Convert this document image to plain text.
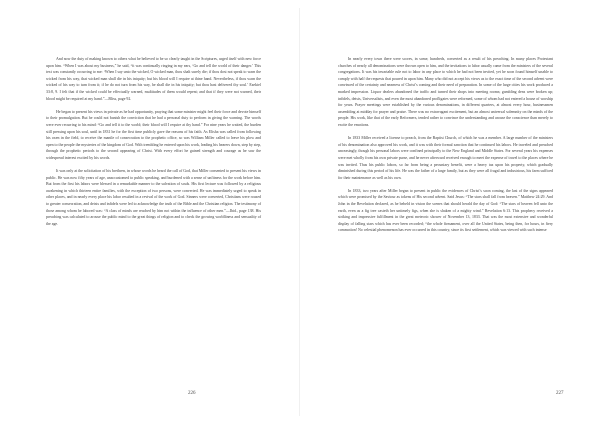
And now the duty of making known to others what he believed to be so clearly taught in the Scriptures, urged itself with new force upon him. “When I was about my business,” he said, “it was continually ringing in my ears, ‘Go and tell the world of their danger.’ This text was constantly occurring to me: ‘When I say unto the wicked, O wicked man, thou shalt surely die; if thou dost not speak to warn the wicked from his way, that wicked man shall die in his iniquity; but his blood will I require at thine hand. Nevertheless, if thou warn the wicked of his way to turn from it; if he do not turn from his way, he shall die in his iniquity; but thou hast delivered thy soul.’ Ezekiel 33:8, 9. I felt that if the wicked could be effectually warned, multitudes of them would repent; and that if they were not warned, their blood might be required at my hand.”—Bliss, page 92.

He began to present his views in private as he had opportunity, praying that some minister might feel their force and devote himself to their promulgation. But he could not banish the conviction that he had a personal duty to perform in giving the warning. The words were ever recurring to his mind: “Go and tell it to the world; their blood will I require at thy hand.” For nine years he waited, the burden still pressing upon his soul, until in 1831 he for the first time publicly gave the reasons of his faith. As Elisha was called from following his oxen in the field, to receive the mantle of consecration to the prophetic office, so was William Miller called to leave his plow and open to the people the mysteries of the kingdom of God. With trembling he entered upon his work, leading his hearers down, step by step, through the prophetic periods to the second appearing of Christ. With every effort he gained strength and courage as he saw the widespread interest excited by his words.

It was only at the solicitation of his brethren, in whose words he heard the call of God, that Miller consented to present his views in public. He was now fifty years of age, unaccustomed to public speaking, and burdened with a sense of unfitness for the work before him. But from the first his labors were blessed in a remarkable manner to the salvation of souls. His first lecture was followed by a religious awakening in which thirteen entire families, with the exception of two persons, were converted. He was immediately urged to speak in other places, and in nearly every place his labor resulted in a revival of the work of God. Sinners were converted, Christians were roused to greater consecration, and deists and infidels were led to acknowledge the truth of the Bible and the Christian religion. The testimony of those among whom he labored was: “A class of minds are reached by him not within the influence of other men.”—Ibid., page 138. His preaching was calculated to arouse the public mind to the great things of religion and to check the growing worldliness and sensuality of the age.

226

In nearly every town there were scores, in some, hundreds, converted as a result of his preaching. In many places Protestant churches of nearly all denominations were thrown open to him, and the invitations to labor usually came from the ministers of the several congregations. It was his invariable rule not to labor in any place to which he had not been invited, yet he soon found himself unable to comply with half the requests that poured in upon him. Many who did not accept his views as to the exact time of the second advent were convinced of the certainty and nearness of Christ’s coming and their need of preparation. In some of the large cities his work produced a marked impression. Liquor dealers abandoned the traffic and turned their shops into meeting rooms; gambling dens were broken up; infidels, deists, Universalists, and even the most abandoned profligates were reformed, some of whom had not entered a house of worship for years. Prayer meetings were established by the various denominations, in different quarters, at almost every hour, businessmen assembling at midday for prayer and praise. There was no extravagant excitement, but an almost universal solemnity on the minds of the people. His work, like that of the early Reformers, tended rather to convince the understanding and arouse the conscience than merely to excite the emotions.

In 1833 Miller received a license to preach, from the Baptist Church, of which he was a member. A large number of the ministers of his denomination also approved his work, and it was with their formal sanction that he continued his labors. He traveled and preached unceasingly, though his personal labors were confined principally to the New England and Middle States. For several years his expenses were met wholly from his own private purse, and he never afterward received enough to meet the expense of travel to the places where he was invited. Thus his public labors, so far from being a pecuniary benefit, were a heavy tax upon his property, which gradually diminished during this period of his life. He was the father of a large family, but as they were all frugal and industrious, his farm sufficed for their maintenance as well as his own.

In 1833, two years after Miller began to present in public the evidences of Christ’s soon coming, the last of the signs appeared which were promised by the Saviour as tokens of His second advent. Said Jesus: “The stars shall fall from heaven.” Matthew 24:29. And John in the Revelation declared, as he beheld in vision the scenes that should herald the day of God: “The stars of heaven fell unto the earth, even as a fig tree casteth her untimely figs, when she is shaken of a mighty wind.” Revelation 6:13. This prophecy received a striking and impressive fulfillment in the great meteoric shower of November 13, 1833. That was the most extensive and wonderful display of falling stars which has ever been recorded; “the whole firmament, over all the United States, being then, for hours, in fiery commotion! No celestial phenomenon has ever occurred in this country, since its first settlement, which was viewed with such intense

227
